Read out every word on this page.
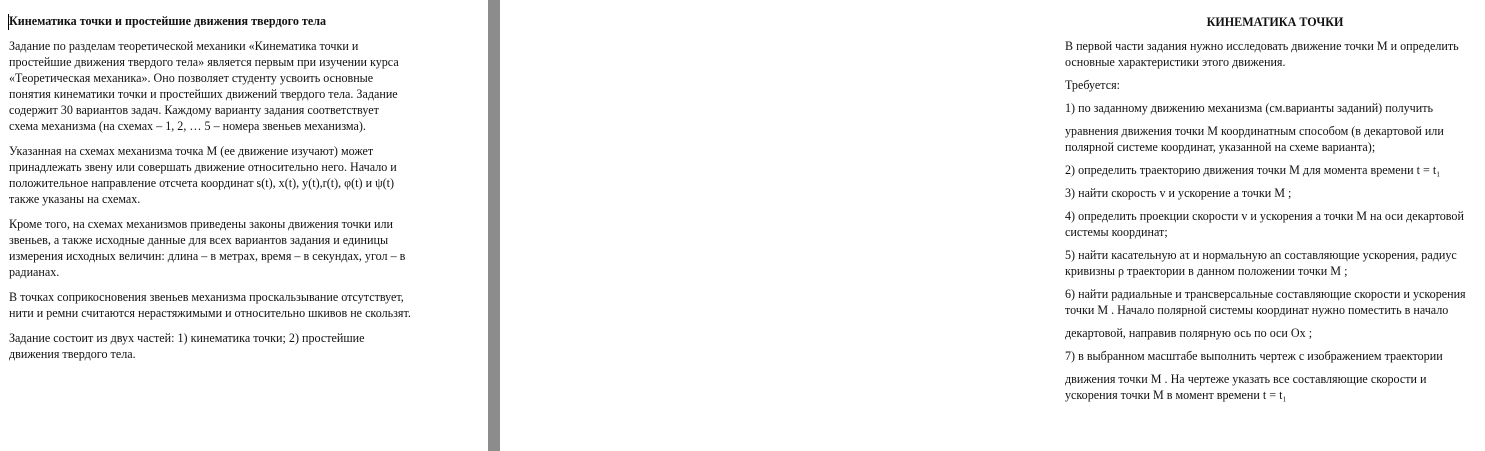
Кинематика точки и простейшие движения твердого тела
Задание по разделам теоретической механики «Кинематика точки и
простейшие движения твердого тела» является первым при изучении курса
«Теоретическая механика». Оно позволяет студенту усвоить основные
понятия кинематики точки и простейших движений твердого тела. Задание
содержит 30 вариантов задач. Каждому варианту задания соответствует
схема механизма (на схемах – 1, 2, … 5 – номера звеньев механизма).
Указанная на схемах механизма точка М (ее движение изучают) может
принадлежать звену или совершать движение относительно него. Начало и
положительное направление отсчета координат s(t), x(t), y(t),r(t), φ(t) и ψ(t)
также указаны на схемах.
Кроме того, на схемах механизмов приведены законы движения точки или
звеньев, а также исходные данные для всех вариантов задания и единицы
измерения исходных величин: длина – в метрах, время – в секундах, угол – в
радианах.
В точках соприкосновения звеньев механизма проскальзывание отсутствует,
нити и ремни считаются нерастяжимыми и относительно шкивов не скользят.
Задание состоит из двух частей: 1) кинематика точки; 2) простейшие
движения твердого тела.
КИНЕМАТИКА ТОЧКИ
В первой части задания нужно исследовать движение точки М и определить
основные характеристики этого движения.
Требуется:
1) по заданному движению механизма (см.варианты заданий) получить
уравнения движения точки М координатным способом (в декартовой или
полярной системе координат, указанной на схеме варианта);
2) определить траекторию движения точки М для момента времени t = t₁
3) найти скорость v и ускорение a точки M ;
4) определить проекции скорости v и ускорения a точки M на оси декартовой
системы координат;
5) найти касательную aτ и нормальную an составляющие ускорения, радиус
кривизны ρ траектории в данном положении точки M ;
6) найти радиальные и трансверсальные составляющие скорости и ускорения
точки M . Начало полярной системы координат нужно поместить в начало
декартовой, направив полярную ось по оси Ox ;
7) в выбранном масштабе выполнить чертеж с изображением траектории
движения точки М . На чертеже указать все составляющие скорости и
ускорения точки M в момент времени t = t₁
